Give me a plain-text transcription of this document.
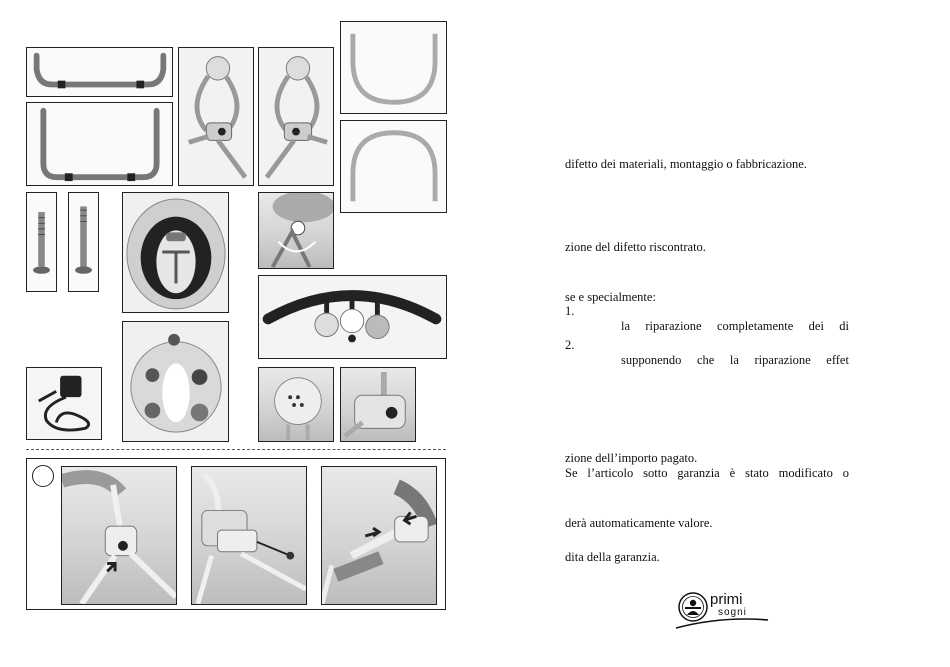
difetto dei materiali, montaggio o fabbricazione.
zione del difetto riscontrato.
se e specialmente:
1.
la riparazione completamente dei di
2.
supponendo che la riparazione effet
zione dell’importo pagato.
Se l’articolo sotto garanzia è stato modificato o
derà automaticamente valore.
dita della garanzia.
primi
sogni
